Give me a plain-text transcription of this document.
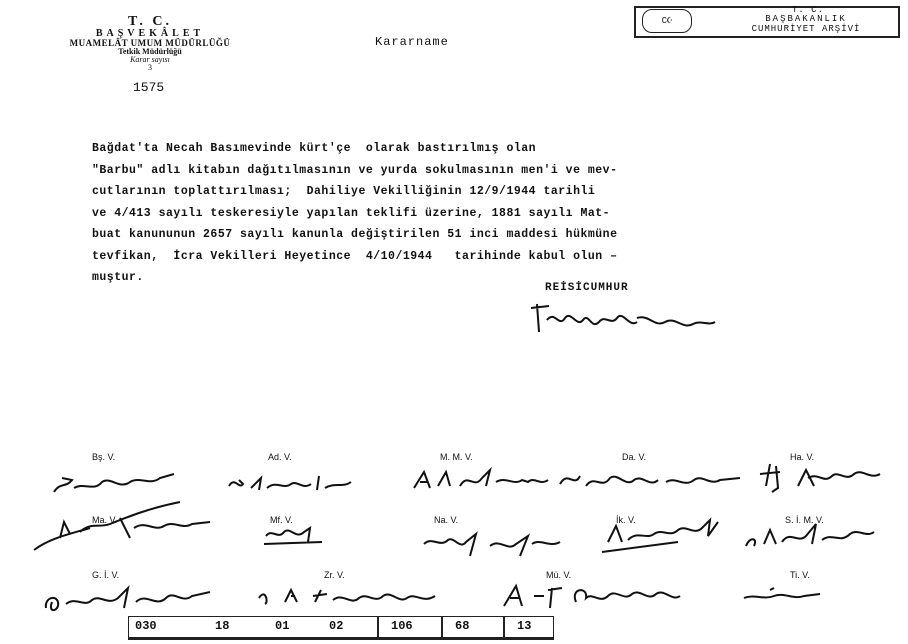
T. C.
BAŞVEKÂLET
MUAMELÂT UMUM MÜDÜRLÜĞÜ
Tetkik Müdürlüğü
Karar sayısı
3
1575
Kararname
C☪
T. C.
BAŞBAKANLIK
CUMHURİYET ARŞİVİ
Bağdat'ta Necah Basımevinde kürt'çe  olarak bastırılmış olan
"Barbu" adlı kitabın dağıtılmasının ve yurda sokulmasının men'i ve mev-
cutlarının toplattırılması;  Dahiliye Vekilliğinin 12/9/1944 tarihli
ve 4/413 sayılı teskeresiyle yapılan teklifi üzerine, 1881 sayılı Mat-
buat kanununun 2657 sayılı kanunla değiştirilen 51 inci maddesi hükmüne
tevfikan,  İcra Vekilleri Heyetince  4/10/1944   tarihinde kabul olun –
muştur.
REİSİCUMHUR
Bş. V.	Ad. V.	M. M. V.	Da. V.	Ha. V.
Ma. V.	Mf. V.	Na. V.	İk. V.	S. İ. M. V.
G. İ. V.	Zr. V.	Mü. V.	Ti. V.
030	18	01	02	106	68	13
